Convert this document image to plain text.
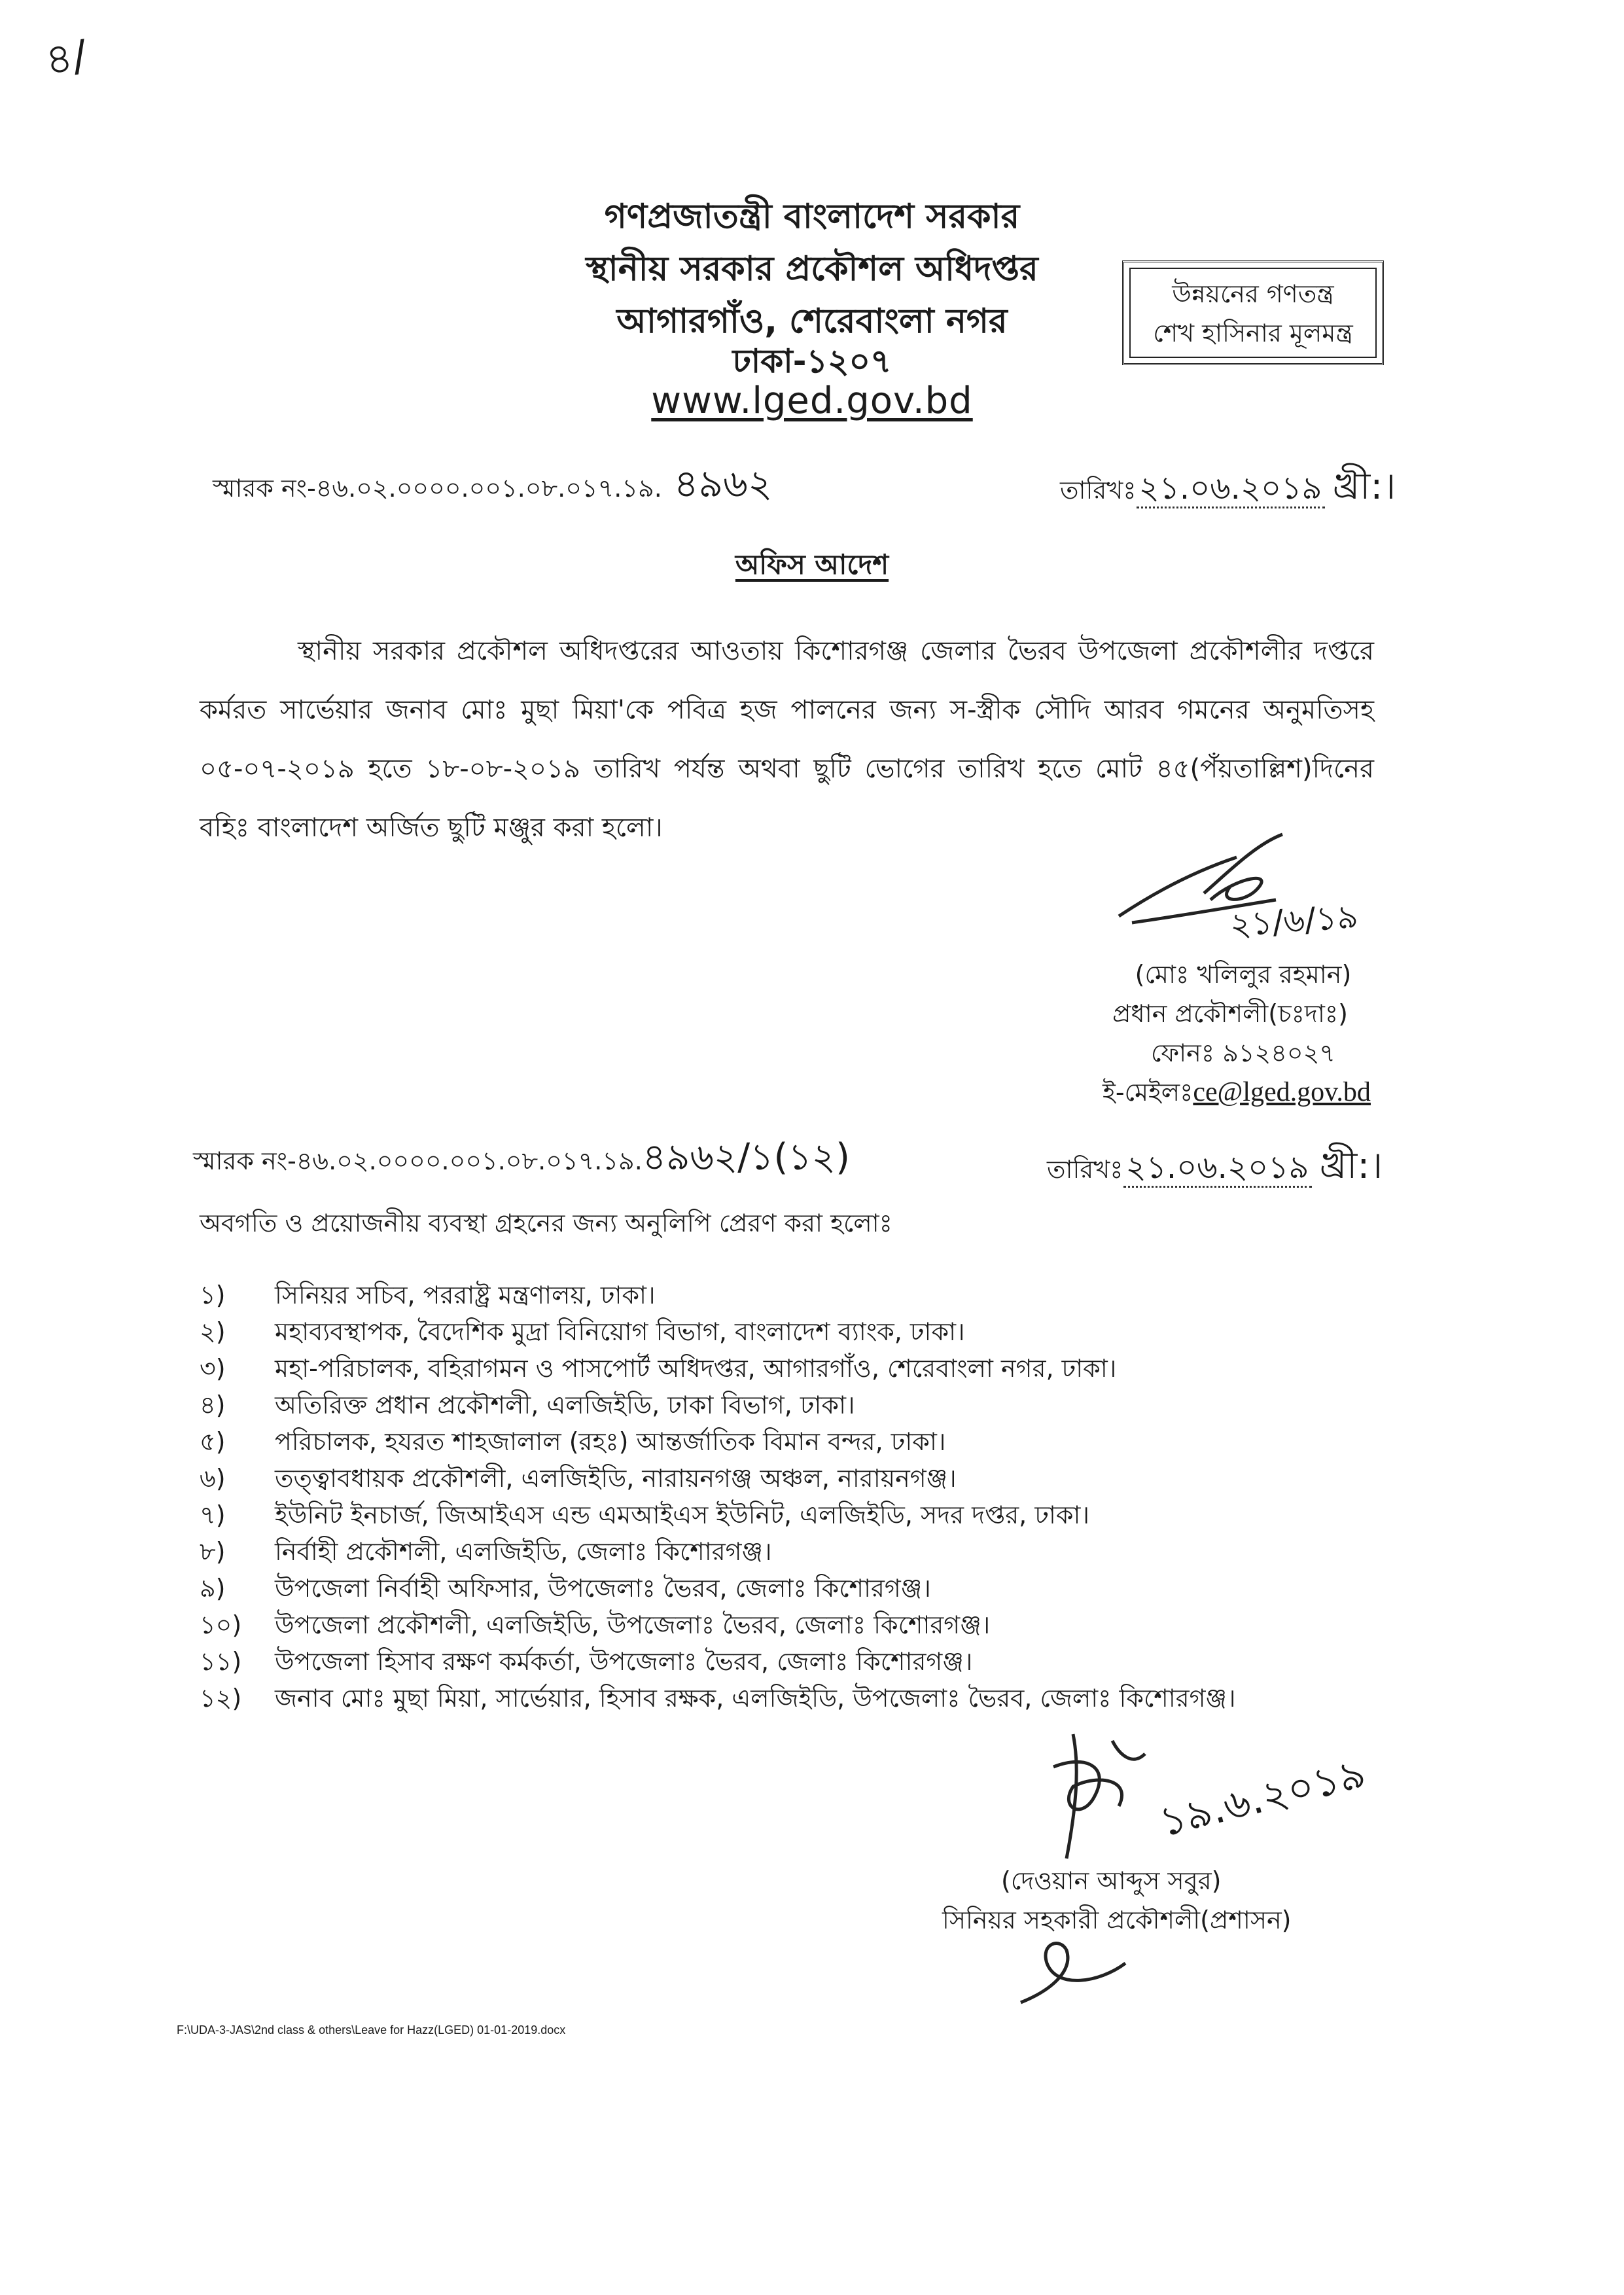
৪/
গণপ্রজাতন্ত্রী বাংলাদেশ সরকার
স্থানীয় সরকার প্রকৌশল অধিদপ্তর
আগারগাঁও, শেরেবাংলা নগর
ঢাকা-১২০৭
www.lged.gov.bd
উন্নয়নের গণতন্ত্র
শেখ হাসিনার মূলমন্ত্র
স্মারক নং-৪৬.০২.০০০০.০০১.০৮.০১৭.১৯. ৪৯৬২	তারিখঃ২১.০৬.২০১৯ খ্রী:।
অফিস আদেশ
স্থানীয় সরকার প্রকৌশল অধিদপ্তরের আওতায় কিশোরগঞ্জ জেলার ভৈরব উপজেলা প্রকৌশলীর দপ্তরে কর্মরত সার্ভেয়ার জনাব মোঃ মুছা মিয়া'কে পবিত্র হজ পালনের জন্য স-স্ত্রীক সৌদি আরব গমনের অনুমতিসহ ০৫-০৭-২০১৯ হতে ১৮-০৮-২০১৯ তারিখ পর্যন্ত অথবা ছুটি ভোগের তারিখ হতে মোট ৪৫(পঁয়তাল্লিশ)দিনের বহিঃ বাংলাদেশ অর্জিত ছুটি মঞ্জুর করা হলো।
২১/৬/১৯
(মোঃ খলিলুর রহমান)
প্রধান প্রকৌশলী(চঃদাঃ)
ফোনঃ ৯১২৪০২৭
ই-মেইলঃce@lged.gov.bd
স্মারক নং-৪৬.০২.০০০০.০০১.০৮.০১৭.১৯.৪৯৬২/১(১২)	তারিখঃ২১.০৬.২০১৯ খ্রী:।
অবগতি ও প্রয়োজনীয় ব্যবস্থা গ্রহনের জন্য অনুলিপি প্রেরণ করা হলোঃ
১)	সিনিয়র সচিব, পররাষ্ট্র মন্ত্রণালয়, ঢাকা।
২)	মহাব্যবস্থাপক, বৈদেশিক মুদ্রা বিনিয়োগ বিভাগ, বাংলাদেশ ব্যাংক, ঢাকা।
৩)	মহা-পরিচালক, বহিরাগমন ও পাসপোর্ট অধিদপ্তর, আগারগাঁও, শেরেবাংলা নগর, ঢাকা।
৪)	অতিরিক্ত প্রধান প্রকৌশলী, এলজিইডি, ঢাকা বিভাগ, ঢাকা।
৫)	পরিচালক, হযরত শাহজালাল (রহঃ) আন্তর্জাতিক বিমান বন্দর, ঢাকা।
৬)	তত্ত্বাবধায়ক প্রকৌশলী, এলজিইডি, নারায়নগঞ্জ অঞ্চল, নারায়নগঞ্জ।
৭)	ইউনিট ইনচার্জ, জিআইএস এন্ড এমআইএস ইউনিট, এলজিইডি, সদর দপ্তর, ঢাকা।
৮)	নির্বাহী প্রকৌশলী, এলজিইডি, জেলাঃ কিশোরগঞ্জ।
৯)	উপজেলা নির্বাহী অফিসার, উপজেলাঃ ভৈরব, জেলাঃ কিশোরগঞ্জ।
১০)	উপজেলা প্রকৌশলী, এলজিইডি, উপজেলাঃ ভৈরব, জেলাঃ কিশোরগঞ্জ।
১১)	উপজেলা হিসাব রক্ষণ কর্মকর্তা, উপজেলাঃ ভৈরব, জেলাঃ কিশোরগঞ্জ।
১২)	জনাব মোঃ মুছা মিয়া, সার্ভেয়ার, হিসাব রক্ষক, এলজিইডি, উপজেলাঃ ভৈরব, জেলাঃ কিশোরগঞ্জ।
১৯.৬.২০১৯
(দেওয়ান আব্দুস সবুর)
সিনিয়র সহকারী প্রকৌশলী(প্রশাসন)
F:\UDA-3-JAS\2nd class & others\Leave for Hazz(LGED) 01-01-2019.docx
